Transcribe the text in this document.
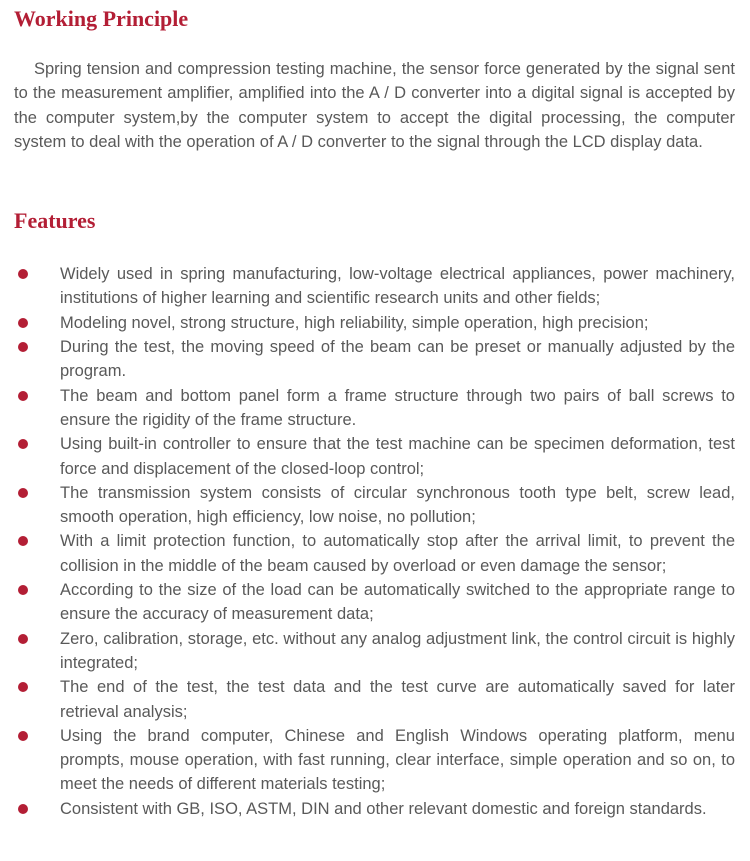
Working Principle

Spring tension and compression testing machine, the sensor force generated by the signal sent to the measurement amplifier, amplified into the A / D converter into a digital signal is accepted by the computer system,by the computer system to accept the digital processing, the computer system to deal with the operation of A / D converter to the signal through the LCD display data.

Features
Widely used in spring manufacturing, low-voltage electrical appliances, power machinery, institutions of higher learning and scientific research units and other fields;
Modeling novel, strong structure, high reliability, simple operation, high precision;
During the test, the moving speed of the beam can be preset or manually adjusted by the program.
The beam and bottom panel form a frame structure through two pairs of ball screws to ensure the rigidity of the frame structure.
Using built-in controller to ensure that the test machine can be specimen deformation, test force and displacement of the closed-loop control;
The transmission system consists of circular synchronous tooth type belt, screw lead, smooth operation, high efficiency, low noise, no pollution;
With a limit protection function, to automatically stop after the arrival limit, to prevent the collision in the middle of the beam caused by overload or even damage the sensor;
According to the size of the load can be automatically switched to the appropriate range to ensure the accuracy of measurement data;
Zero, calibration, storage, etc. without any analog adjustment link, the control circuit is highly integrated;
The end of the test, the test data and the test curve are automatically saved for later retrieval analysis;
Using the brand computer, Chinese and English Windows operating platform, menu prompts, mouse operation, with fast running, clear interface, simple operation and so on, to meet the needs of different materials testing;
Consistent with GB, ISO, ASTM, DIN and other relevant domestic and foreign standards.
